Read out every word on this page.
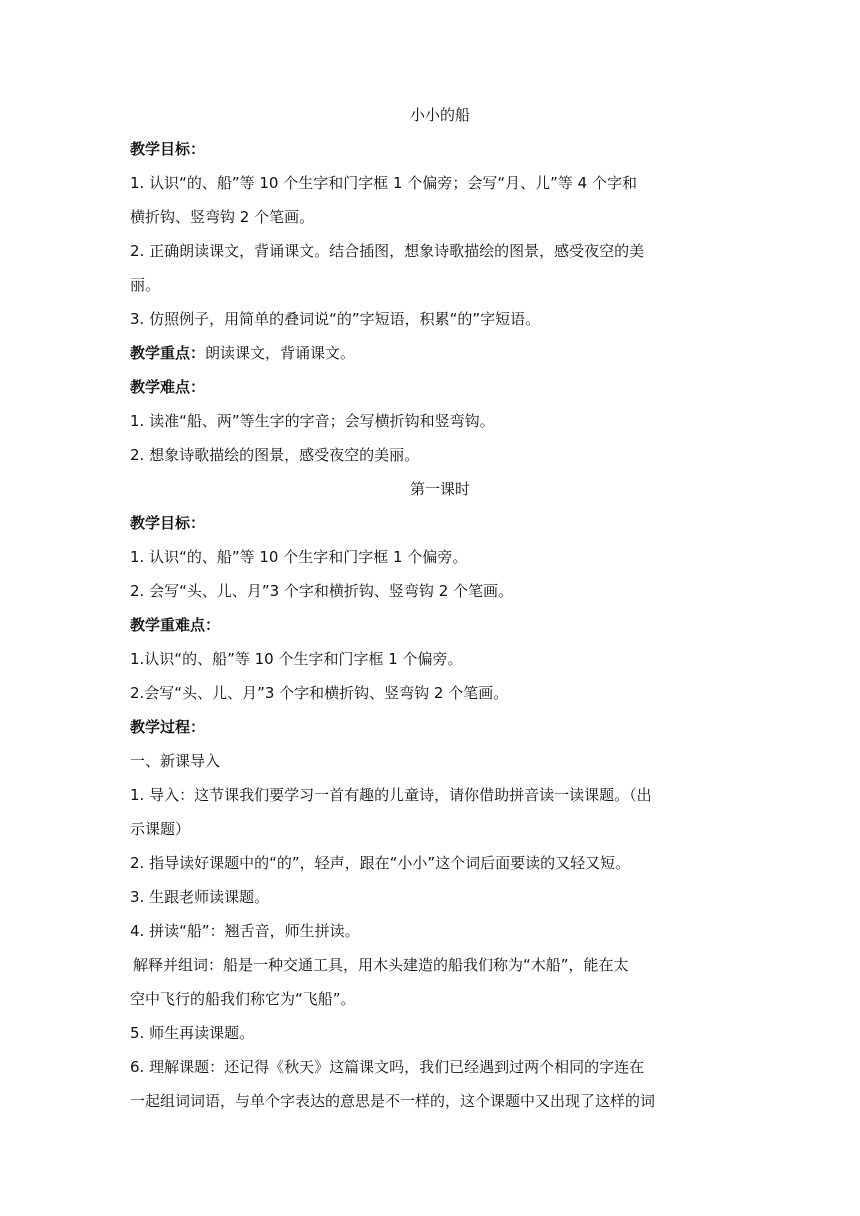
小小的船

教学目标：

1. 认识“的、船”等 10 个生字和门字框 1 个偏旁；会写“月、儿”等 4 个字和

横折钩、竖弯钩 2 个笔画。

2. 正确朗读课文，背诵课文。结合插图，想象诗歌描绘的图景，感受夜空的美

丽。

3. 仿照例子，用简单的叠词说“的”字短语，积累“的”字短语。

教学重点：朗读课文，背诵课文。

教学难点：

1. 读准“船、两”等生字的字音；会写横折钩和竖弯钩。

2. 想象诗歌描绘的图景，感受夜空的美丽。

第一课时

教学目标：

1. 认识“的、船”等 10 个生字和门字框 1 个偏旁。

2. 会写“头、儿、月”3 个字和横折钩、竖弯钩 2 个笔画。

教学重难点：

1.认识“的、船”等 10 个生字和门字框 1 个偏旁。

2.会写“头、儿、月”3 个字和横折钩、竖弯钩 2 个笔画。

教学过程：

一、新课导入

1. 导入：这节课我们要学习一首有趣的儿童诗，请你借助拼音读一读课题。（出

示课题）

2. 指导读好课题中的“的”，轻声，跟在“小小”这个词后面要读的又轻又短。

3. 生跟老师读课题。

4. 拼读“船”：翘舌音，师生拼读。

解释并组词：船是一种交通工具，用木头建造的船我们称为“木船”，能在太

空中飞行的船我们称它为“飞船”。

5. 师生再读课题。

6. 理解课题：还记得《秋天》这篇课文吗，我们已经遇到过两个相同的字连在

一起组词词语，与单个字表达的意思是不一样的，这个课题中又出现了这样的词
